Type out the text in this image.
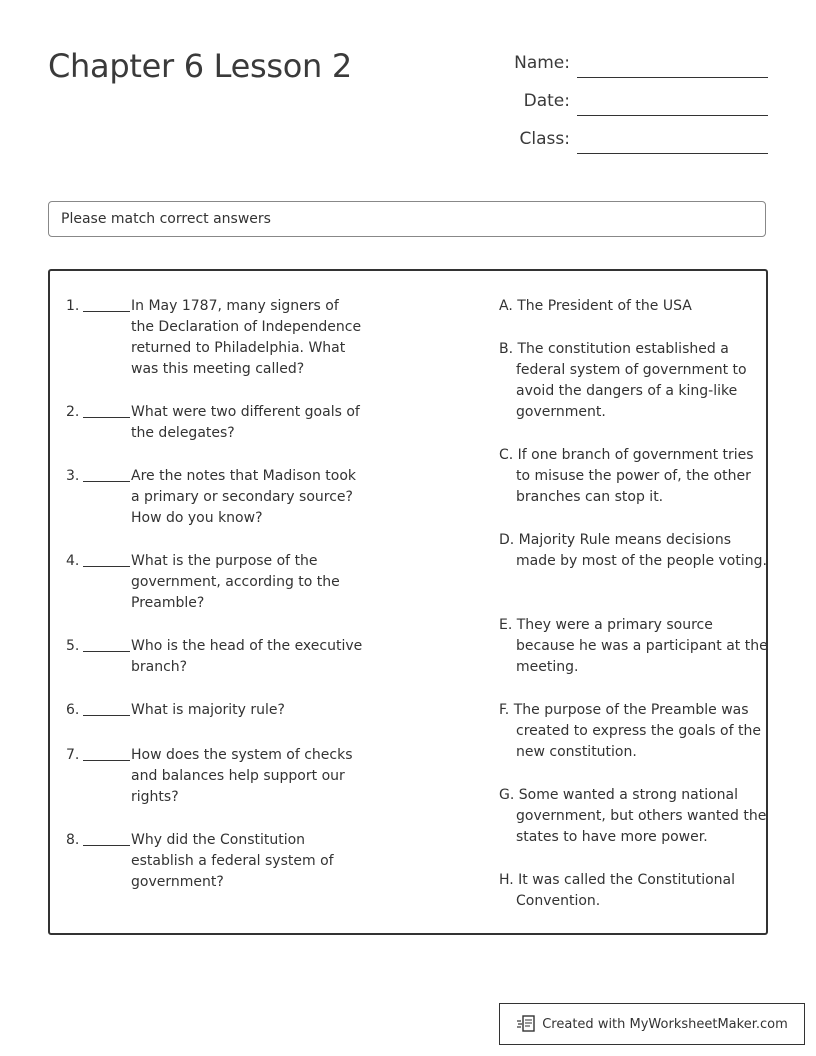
Chapter 6 Lesson 2	Name:
Date:
Class:
Please match correct answers
1.	In May 1787, many signers of the Declaration of Independence returned to Philadelphia. What was this meeting called?
2.	What were two different goals of the delegates?
3.	Are the notes that Madison took a primary or secondary source? How do you know?
4.	What is the purpose of the government, according to the Preamble?
5.	Who is the head of the executive branch?
6.	What is majority rule?
7.	How does the system of checks and balances help support our rights?
8.	Why did the Constitution establish a federal system of government?
A. The President of the USA
B. The constitution established a federal system of government to avoid the dangers of a king-like government.
C. If one branch of government tries to misuse the power of, the other branches can stop it.
D. Majority Rule means decisions made by most of the people voting.
E. They were a primary source because he was a participant at the meeting.
F. The purpose of the Preamble was created to express the goals of the new constitution.
G. Some wanted a strong national government, but others wanted the states to have more power.
H. It was called the Constitutional Convention.
Created with MyWorksheetMaker.com
